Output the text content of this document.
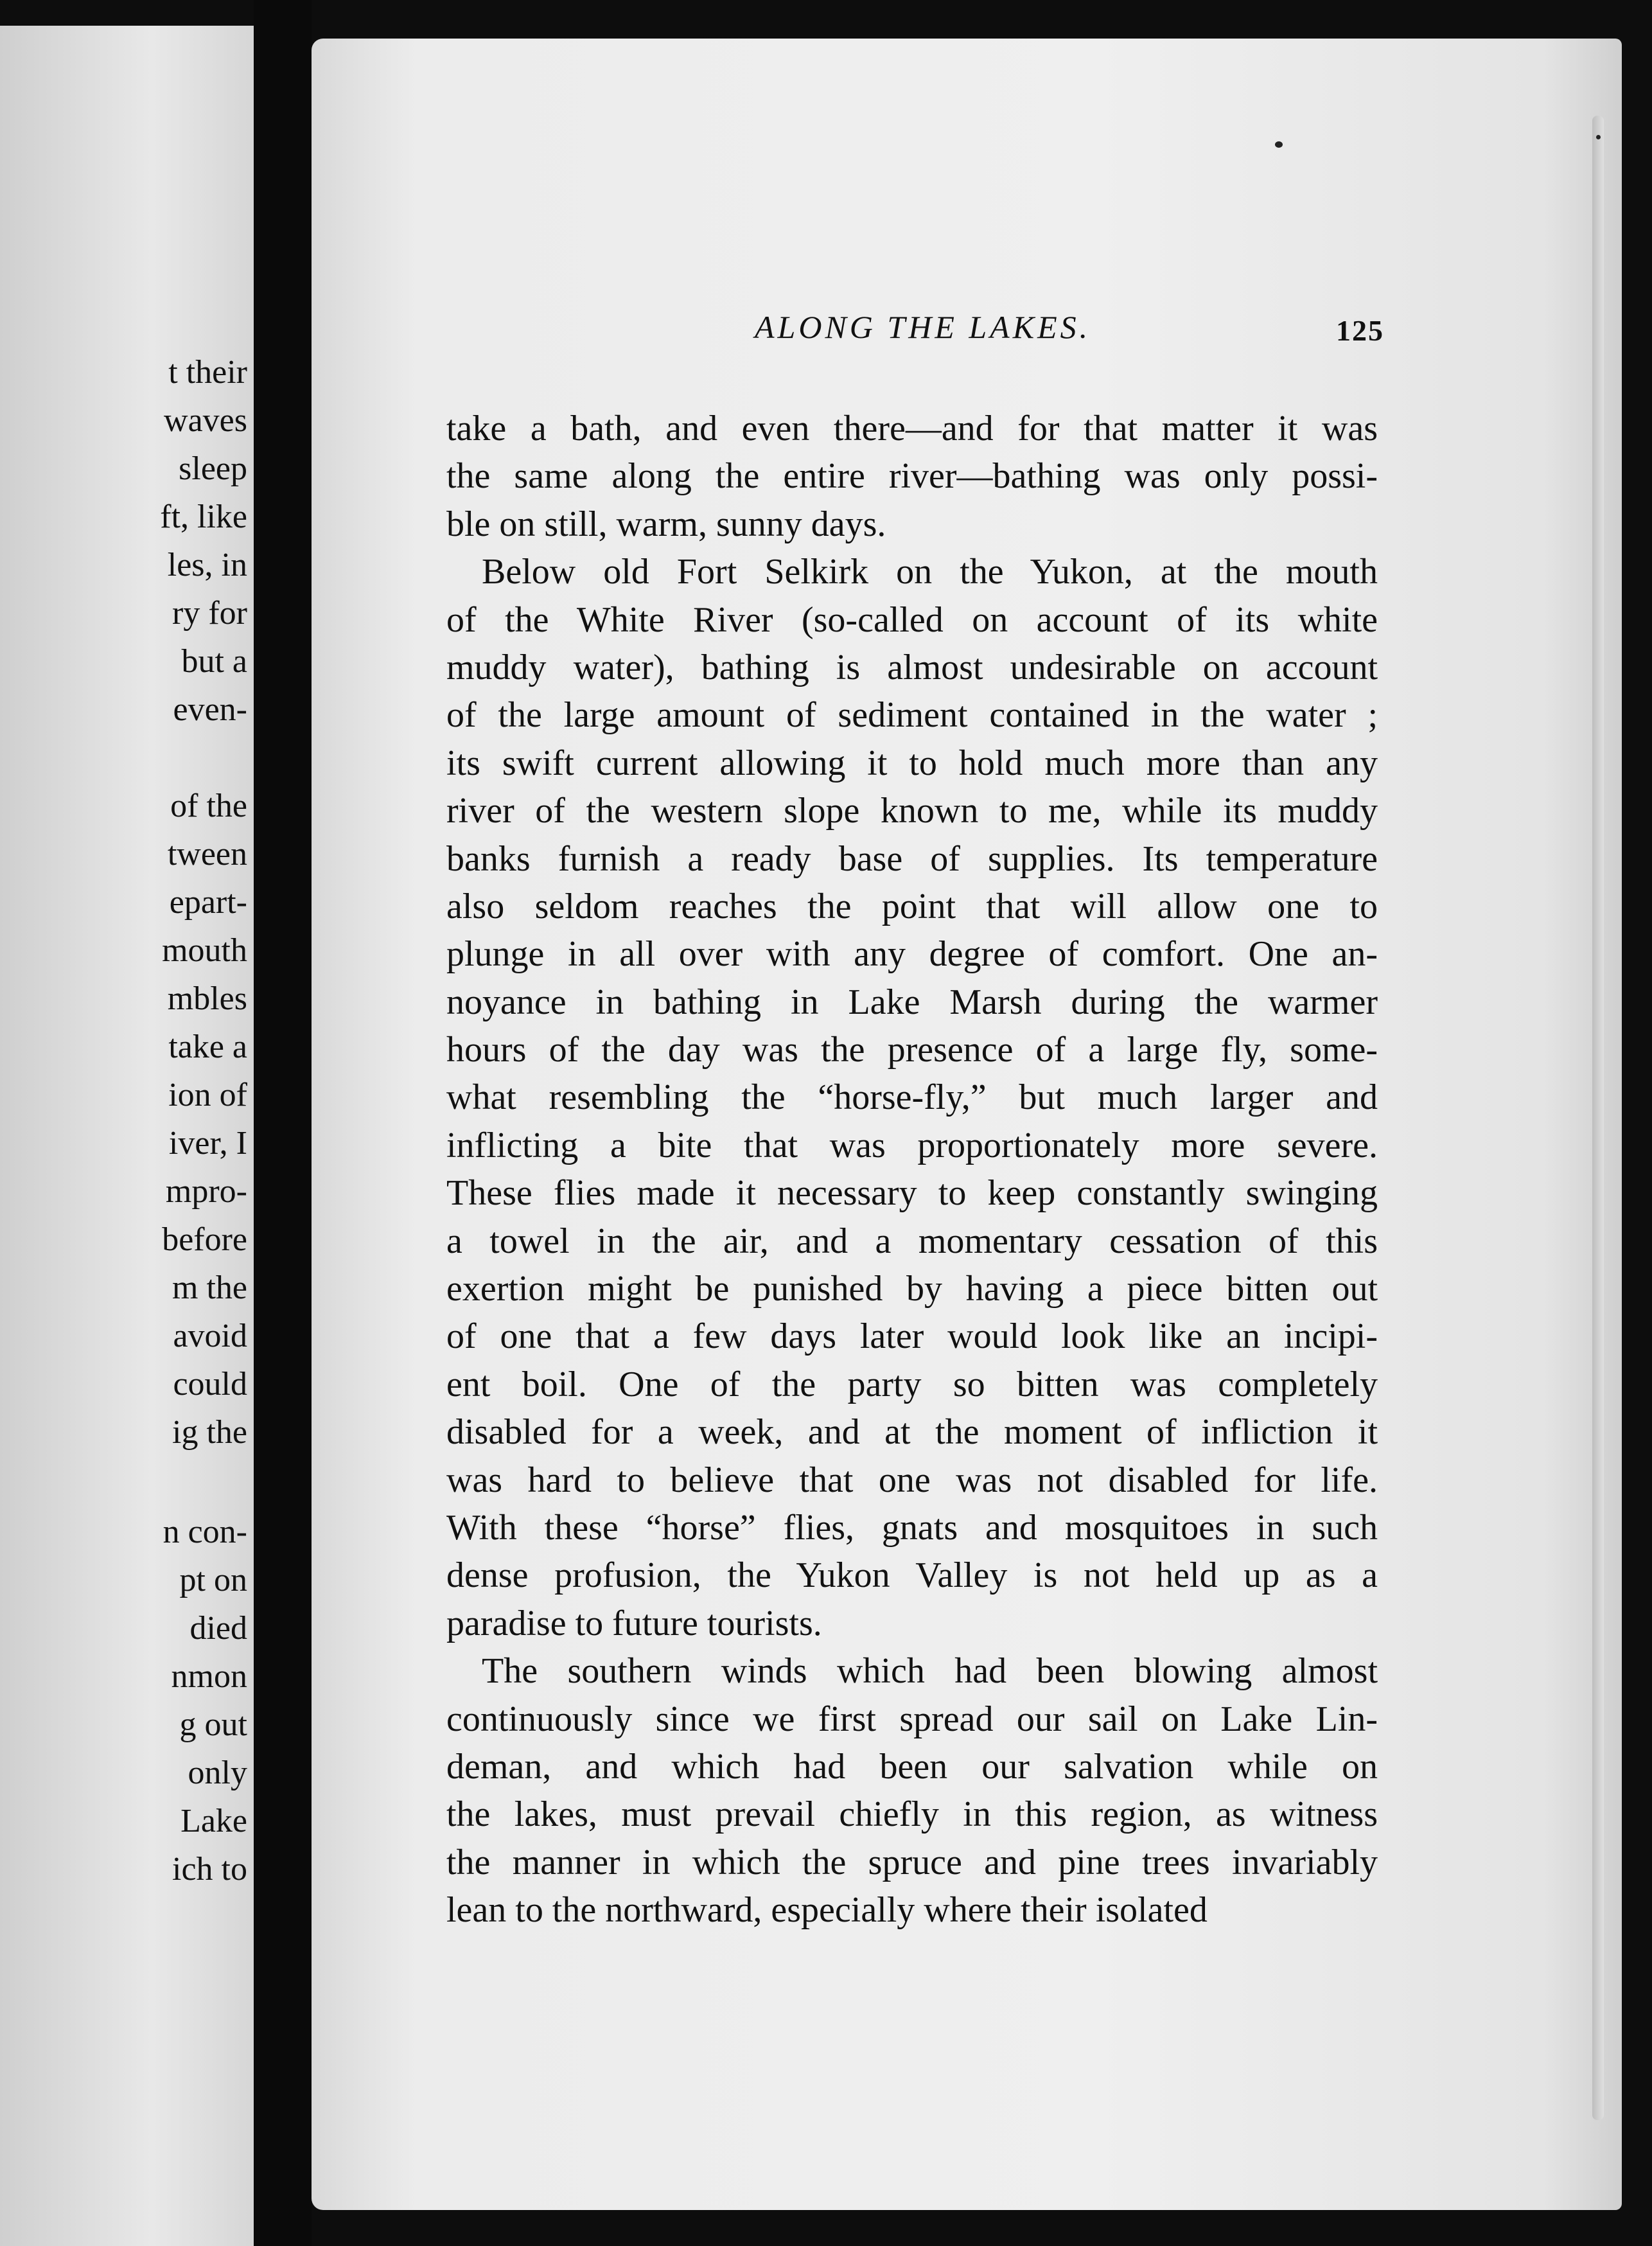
t their
waves
sleep
ft, like
les, in
ry for
but a
even-
of the
tween
epart-
mouth
mbles
take a
ion of
iver, I
mpro-
before
m the
avoid
could
ig the
n con-
pt on
died
nmon
g out
only
Lake
ich to
ALONG THE LAKES.	125
take a bath, and even there—and for that matter it was
the same along the entire river—bathing was only possi-
ble on still, warm, sunny days.
Below old Fort Selkirk on the Yukon, at the mouth
of the White River (so-called on account of its white
muddy water), bathing is almost undesirable on account
of the large amount of sediment contained in the water ;
its swift current allowing it to hold much more than any
river of the western slope known to me, while its muddy
banks furnish a ready base of supplies. Its temperature
also seldom reaches the point that will allow one to
plunge in all over with any degree of comfort. One an-
noyance in bathing in Lake Marsh during the warmer
hours of the day was the presence of a large fly, some-
what resembling the “horse-fly,” but much larger and
inflicting a bite that was proportionately more severe.
These flies made it necessary to keep constantly swinging
a towel in the air, and a momentary cessation of this
exertion might be punished by having a piece bitten out
of one that a few days later would look like an incipi-
ent boil. One of the party so bitten was completely
disabled for a week, and at the moment of infliction it
was hard to believe that one was not disabled for life.
With these “horse” flies, gnats and mosquitoes in such
dense profusion, the Yukon Valley is not held up as a
paradise to future tourists.
The southern winds which had been blowing almost
continuously since we first spread our sail on Lake Lin-
deman, and which had been our salvation while on
the lakes, must prevail chiefly in this region, as witness
the manner in which the spruce and pine trees invariably
lean to the northward, especially where their isolated
